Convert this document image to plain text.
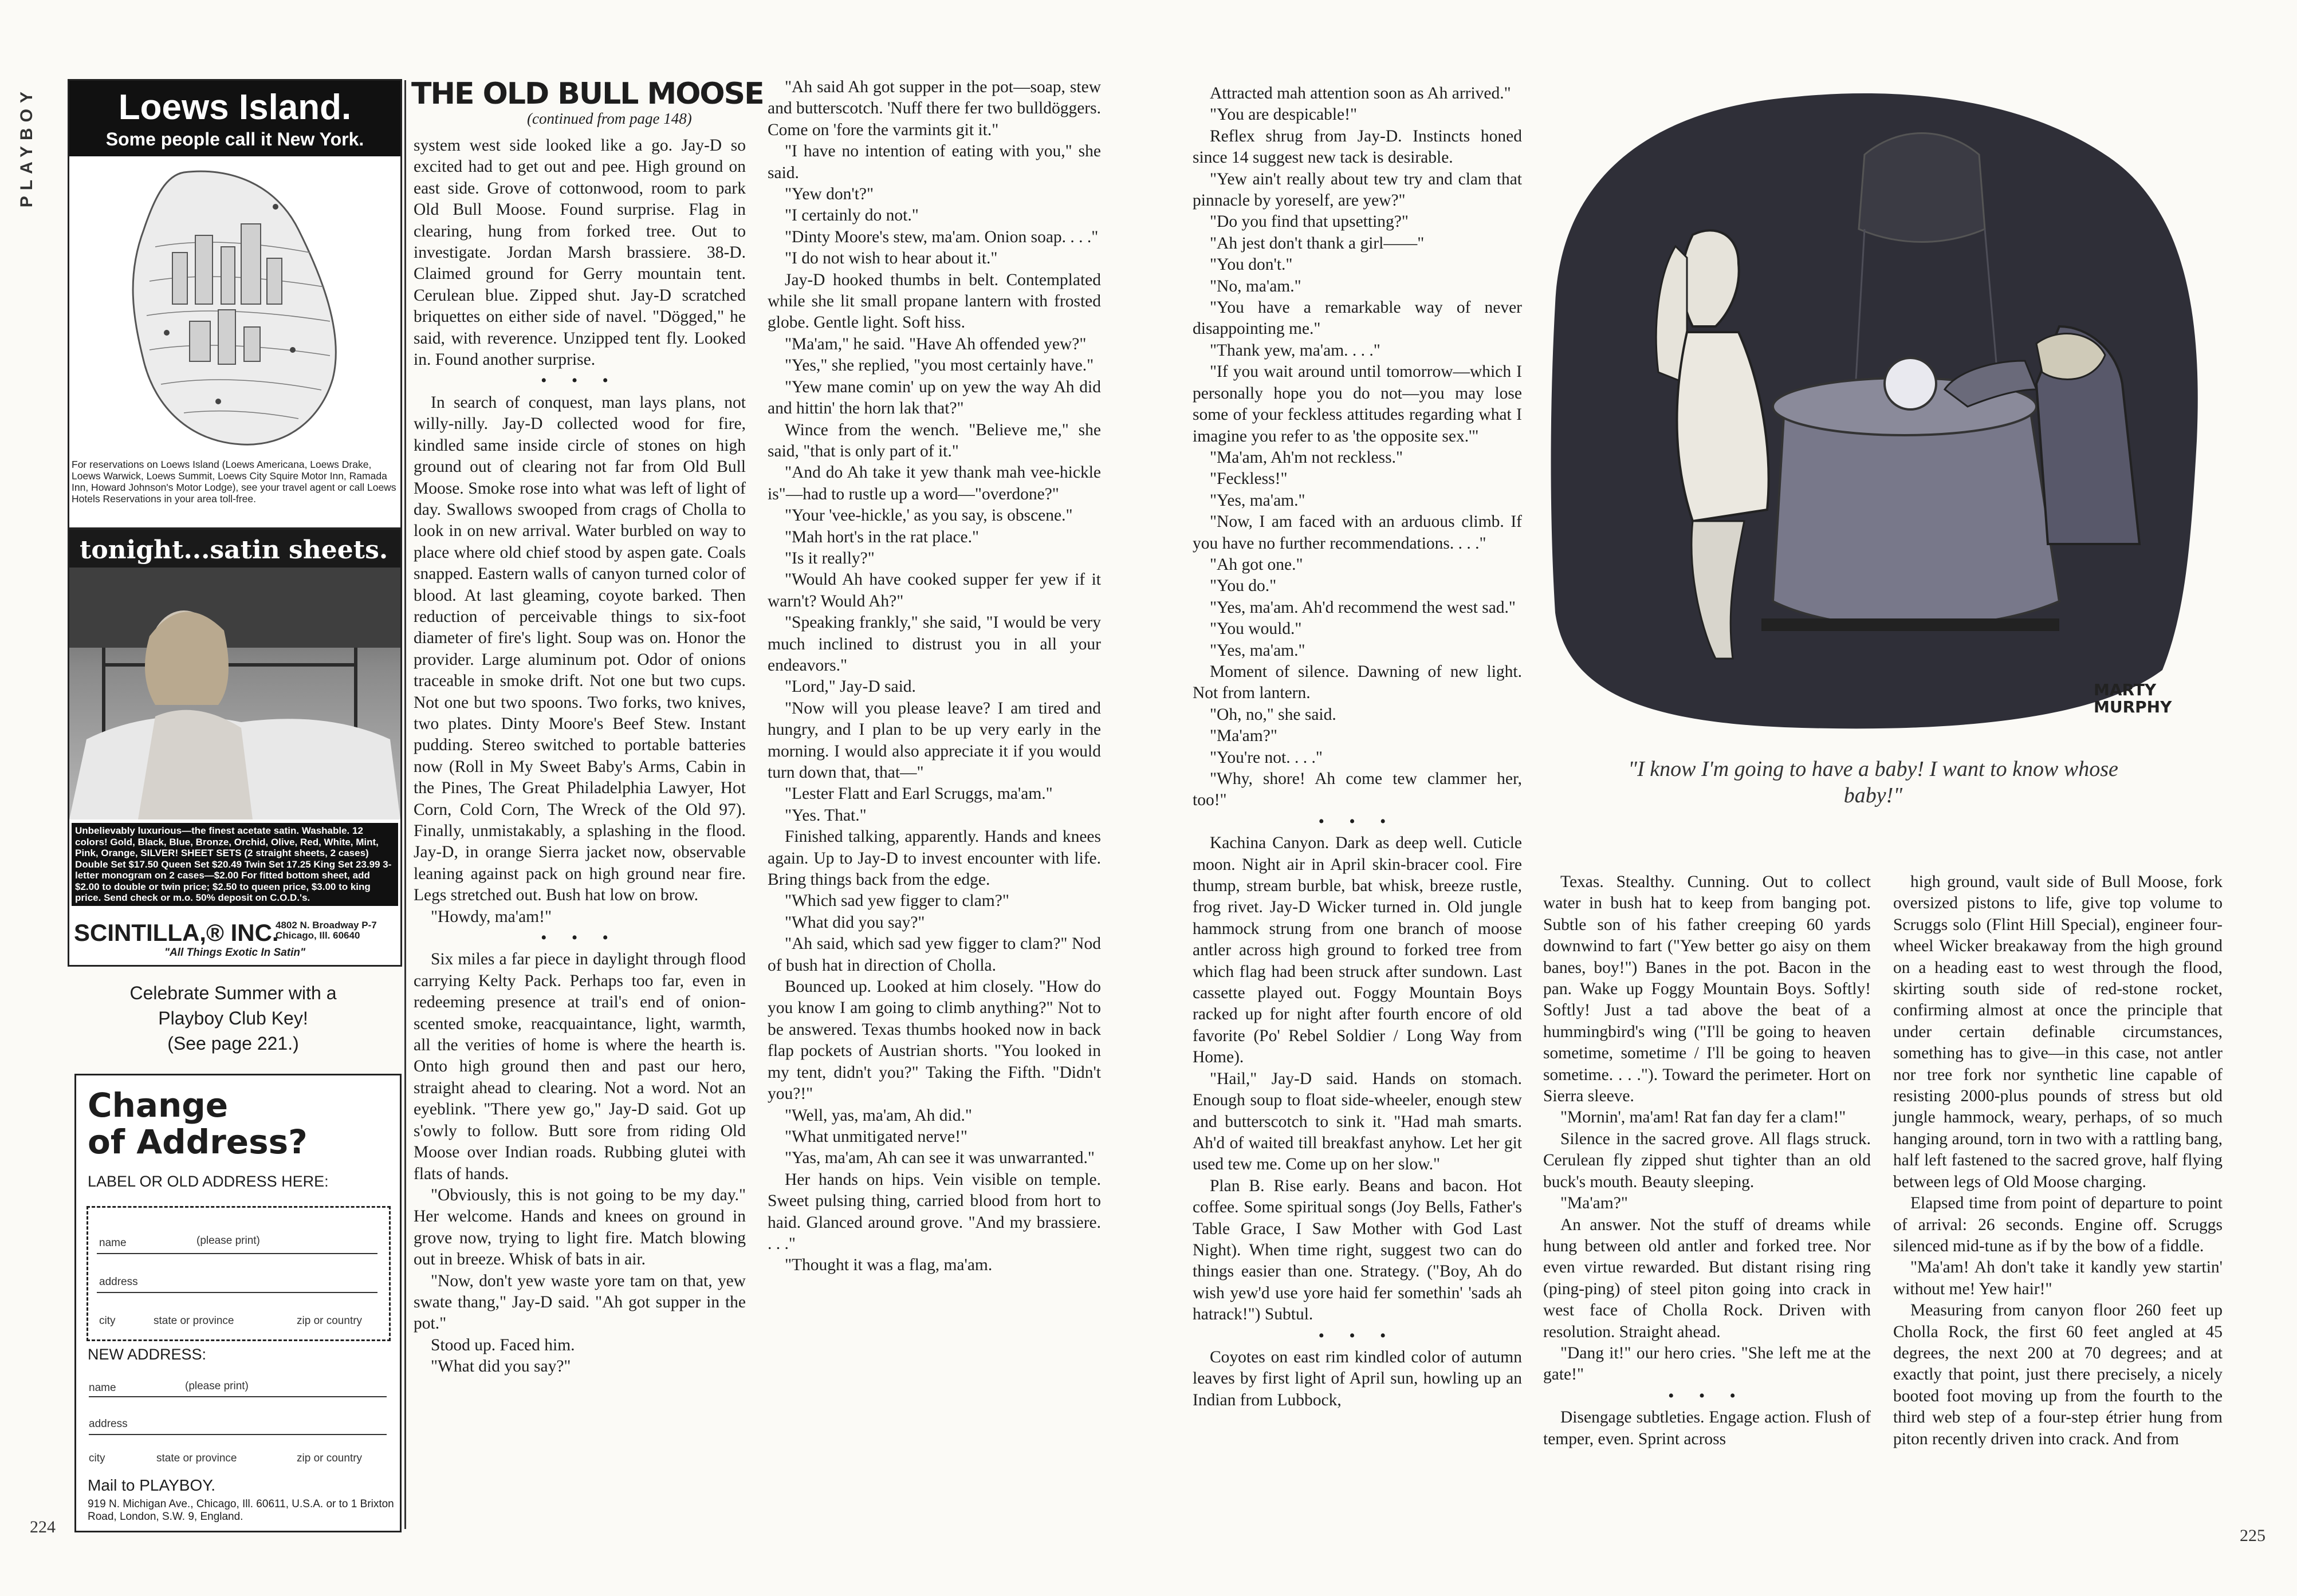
PLAYBOY
224	225
Loews Island.
Some people call it New York.
For reservations on Loews Island (Loews Americana, Loews Drake, Loews Warwick, Loews Summit, Loews City Squire Motor Inn, Ramada Inn, Howard Johnson's Motor Lodge), see your travel agent or call Loews Hotels Reservations in your area toll-free.
tonight...satin sheets.
Unbelievably luxurious—the finest acetate satin. Washable. 12 colors! Gold, Black, Blue, Bronze, Orchid, Olive, Red, White, Mint, Pink, Orange, SILVER! SHEET SETS (2 straight sheets, 2 cases) Double Set $17.50 Queen Set $20.49 Twin Set 17.25 King Set 23.99 3-letter monogram on 2 cases—$2.00 For fitted bottom sheet, add $2.00 to double or twin price; $2.50 to queen price, $3.00 to king price. Send check or m.o. 50% deposit on C.O.D.'s.
SCINTILLA,® INC.
4802 N. Broadway P-7 Chicago, Ill. 60640
"All Things Exotic In Satin"
Celebrate Summer with a
Playboy Club Key!
(See page 221.)
Change
of Address?
LABEL OR OLD ADDRESS HERE:
name	(please print)
address
city	state or province	zip or country
NEW ADDRESS:
name	(please print)
address
city	state or province	zip or country
Mail to PLAYBOY.
919 N. Michigan Ave., Chicago, Ill. 60611, U.S.A. or to 1 Brixton Road, London, S.W. 9, England.
THE OLD BULL MOOSE
(continued from page 148)

system west side looked like a go. Jay-D so excited had to get out and pee. High ground on east side. Grove of cottonwood, room to park Old Bull Moose. Found surprise. Flag in clearing, hung from forked tree. Out to investigate. Jordan Marsh brassiere. 38-D. Claimed ground for Gerry mountain tent. Cerulean blue. Zipped shut. Jay-D scratched briquettes on either side of navel. "Dögged," he said, with reverence. Unzipped tent fly. Looked in. Found another surprise.

• • •

In search of conquest, man lays plans, not willy-nilly. Jay-D collected wood for fire, kindled same inside circle of stones on high ground out of clearing not far from Old Bull Moose. Smoke rose into what was left of light of day. Swallows swooped from crags of Cholla to look in on new arrival. Water burbled on way to place where old chief stood by aspen gate. Coals snapped. Eastern walls of canyon turned color of blood. At last gleaming, coyote barked. Then reduction of perceivable things to six-foot diameter of fire's light. Soup was on. Honor the provider. Large aluminum pot. Odor of onions traceable in smoke drift. Not one but two cups. Not one but two spoons. Two forks, two knives, two plates. Dinty Moore's Beef Stew. Instant pudding. Stereo switched to portable batteries now (Roll in My Sweet Baby's Arms, Cabin in the Pines, The Great Philadelphia Lawyer, Hot Corn, Cold Corn, The Wreck of the Old 97). Finally, unmistakably, a splashing in the flood. Jay-D, in orange Sierra jacket now, observable leaning against pack on high ground near fire. Legs stretched out. Bush hat low on brow.

"Howdy, ma'am!"

• • •

Six miles a far piece in daylight through flood carrying Kelty Pack. Perhaps too far, even in redeeming presence at trail's end of onion-scented smoke, reacquaintance, light, warmth, all the verities of home is where the hearth is. Onto high ground then and past our hero, straight ahead to clearing. Not a word. Not an eyeblink. "There yew go," Jay-D said. Got up s'owly to follow. Butt sore from riding Old Moose over Indian roads. Rubbing glutei with flats of hands.

"Obviously, this is not going to be my day." Her welcome. Hands and knees on ground in grove now, trying to light fire. Match blowing out in breeze. Whisk of bats in air.

"Now, don't yew waste yore tam on that, yew swate thang," Jay-D said. "Ah got supper in the pot."

Stood up. Faced him.

"What did you say?"

"Ah said Ah got supper in the pot—soap, stew and butterscotch. 'Nuff there fer two bulldöggers. Come on 'fore the varmints git it."

"I have no intention of eating with you," she said.

"Yew don't?"

"I certainly do not."

"Dinty Moore's stew, ma'am. Onion soap. . . ."

"I do not wish to hear about it."

Jay-D hooked thumbs in belt. Contemplated while she lit small propane lantern with frosted globe. Gentle light. Soft hiss.

"Ma'am," he said. "Have Ah offended yew?"

"Yes," she replied, "you most certainly have."

"Yew mane comin' up on yew the way Ah did and hittin' the horn lak that?"

Wince from the wench. "Believe me," she said, "that is only part of it."

"And do Ah take it yew thank mah vee-hickle is"—had to rustle up a word—"overdone?"

"Your 'vee-hickle,' as you say, is obscene."

"Mah hort's in the rat place."

"Is it really?"

"Would Ah have cooked supper fer yew if it warn't? Would Ah?"

"Speaking frankly," she said, "I would be very much inclined to distrust you in all your endeavors."

"Lord," Jay-D said.

"Now will you please leave? I am tired and hungry, and I plan to be up very early in the morning. I would also appreciate it if you would turn down that, that—"

"Lester Flatt and Earl Scruggs, ma'am."

"Yes. That."

Finished talking, apparently. Hands and knees again. Up to Jay-D to invest encounter with life. Bring things back from the edge.

"Which sad yew figger to clam?"

"What did you say?"

"Ah said, which sad yew figger to clam?" Nod of bush hat in direction of Cholla.

Bounced up. Looked at him closely. "How do you know I am going to climb anything?" Not to be answered. Texas thumbs hooked now in back flap pockets of Austrian shorts. "You looked in my tent, didn't you?" Taking the Fifth. "Didn't you?!"

"Well, yas, ma'am, Ah did."

"What unmitigated nerve!"

"Yas, ma'am, Ah can see it was unwarranted."

Her hands on hips. Vein visible on temple. Sweet pulsing thing, carried blood from hort to haid. Glanced around grove. "And my brassiere. . . ."

"Thought it was a flag, ma'am.

Attracted mah attention soon as Ah arrived."

"You are despicable!"

Reflex shrug from Jay-D. Instincts honed since 14 suggest new tack is desirable.

"Yew ain't really about tew try and clam that pinnacle by yoreself, are yew?"

"Do you find that upsetting?"

"Ah jest don't thank a girl——"

"You don't."

"No, ma'am."

"You have a remarkable way of never disappointing me."

"Thank yew, ma'am. . . ."

"If you wait around until tomorrow—which I personally hope you do not—you may lose some of your feckless attitudes regarding what I imagine you refer to as 'the opposite sex.'"

"Ma'am, Ah'm not reckless."

"Feckless!"

"Yes, ma'am."

"Now, I am faced with an arduous climb. If you have no further recommendations. . . ."

"Ah got one."

"You do."

"Yes, ma'am. Ah'd recommend the west sad."

"You would."

"Yes, ma'am."

Moment of silence. Dawning of new light. Not from lantern.

"Oh, no," she said.

"Ma'am?"

"You're not. . . ."

"Why, shore! Ah come tew clammer her, too!"

• • •

Kachina Canyon. Dark as deep well. Cuticle moon. Night air in April skin-bracer cool. Fire thump, stream burble, bat whisk, breeze rustle, frog rivet. Jay-D Wicker turned in. Old jungle hammock strung from one branch of moose antler across high ground to forked tree from which flag had been struck after sundown. Last cassette played out. Foggy Mountain Boys racked up for night after fourth encore of old favorite (Po' Rebel Soldier / Long Way from Home).

"Hail," Jay-D said. Hands on stomach. Enough soup to float side-wheeler, enough stew and butterscotch to sink it. "Had mah smarts. Ah'd of waited till breakfast anyhow. Let her git used tew me. Come up on her slow."

Plan B. Rise early. Beans and bacon. Hot coffee. Some spiritual songs (Joy Bells, Father's Table Grace, I Saw Mother with God Last Night). When time right, suggest two can do things easier than one. Strategy. ("Boy, Ah do wish yew'd use yore haid fer somethin' 'sads ah hatrack!") Subtul.

• • •

Coyotes on east rim kindled color of autumn leaves by first light of April sun, howling up an Indian from Lubbock,

Texas. Stealthy. Cunning. Out to collect water in bush hat to keep from banging pot. Subtle son of his father creeping 60 yards downwind to fart ("Yew better go aisy on them banes, boy!") Banes in the pot. Bacon in the pan. Wake up Foggy Mountain Boys. Softly! Softly! Just a tad above the beat of a hummingbird's wing ("I'll be going to heaven sometime, sometime / I'll be going to heaven sometime. . . ."). Toward the perimeter. Hort on Sierra sleeve.

"Mornin', ma'am! Rat fan day fer a clam!"

Silence in the sacred grove. All flags struck. Cerulean fly zipped shut tighter than an old buck's mouth. Beauty sleeping.

"Ma'am?"

An answer. Not the stuff of dreams while hung between old antler and forked tree. Nor even virtue rewarded. But distant rising ring (ping-ping) of steel piton going into crack in west face of Cholla Rock. Driven with resolution. Straight ahead.

"Dang it!" our hero cries. "She left me at the gate!"

• • •

Disengage subtleties. Engage action. Flush of temper, even. Sprint across

high ground, vault side of Bull Moose, fork oversized pistons to life, give top volume to Scruggs solo (Flint Hill Special), engineer four-wheel Wicker breakaway from the high ground on a heading east to west through the flood, skirting south side of red-stone rocket, confirming almost at once the principle that under certain definable circumstances, something has to give—in this case, not antler nor tree fork nor synthetic line capable of resisting 2000-plus pounds of stress but old jungle hammock, weary, perhaps, of so much hanging around, torn in two with a rattling bang, half left fastened to the sacred grove, half flying between legs of Old Moose charging.

Elapsed time from point of departure to point of arrival: 26 seconds. Engine off. Scruggs silenced mid-tune as if by the bow of a fiddle.

"Ma'am! Ah don't take it kandly yew startin' without me! Yew hair!"

Measuring from canyon floor 260 feet up Cholla Rock, the first 60 feet angled at 45 degrees, the next 200 at 70 degrees; and at exactly that point, just there precisely, a nicely booted foot moving up from the fourth to the third web step of a four-step étrier hung from piton recently driven into crack. And from

MARTY
MURPHY
"I know I'm going to have a baby! I want to know whose baby!"
